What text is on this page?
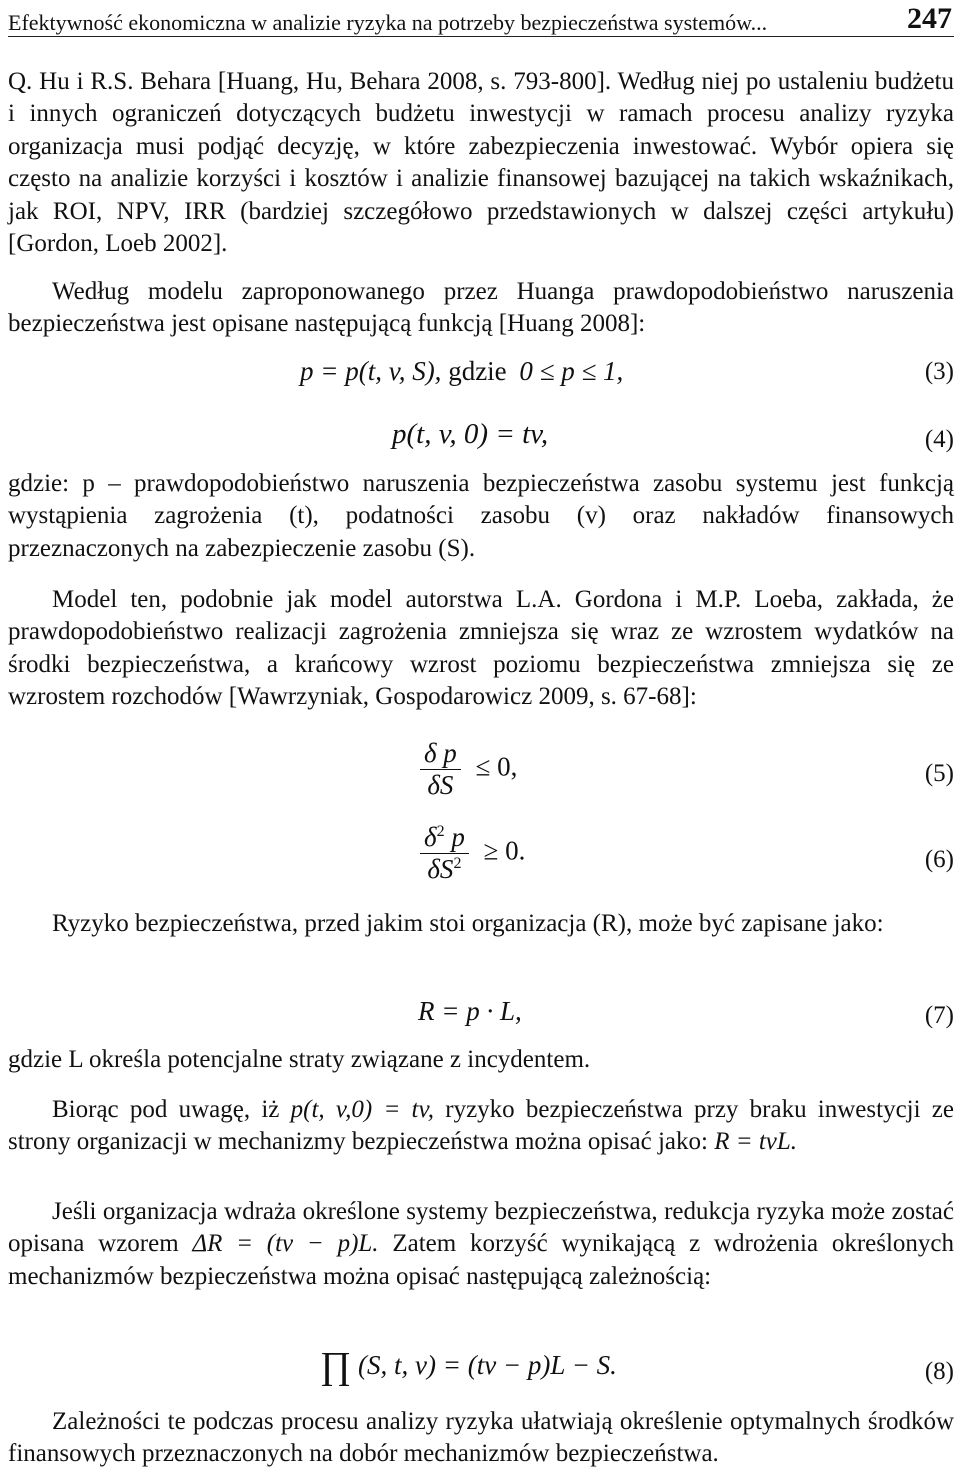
Efektywność ekonomiczna w analizie ryzyka na potrzeby bezpieczeństwa systemów...	247

Q. Hu i R.S. Behara [Huang, Hu, Behara 2008, s. 793-800]. Według niej po ustaleniu budżetu i innych ograniczeń dotyczących budżetu inwestycji w ramach procesu analizy ryzyka organizacja musi podjąć decyzję, w które zabezpieczenia inwestować. Wybór opiera się często na analizie korzyści i kosztów i analizie finansowej bazującej na takich wskaźnikach, jak ROI, NPV, IRR (bardziej szczegółowo przedstawionych w dalszej części artykułu) [Gordon, Loeb 2002].

Według modelu zaproponowanego przez Huanga prawdopodobieństwo naruszenia bezpieczeństwa jest opisane następującą funkcją [Huang 2008]:

p = p(t, v, S), gdzie 0 ≤ p ≤ 1,	(3)
p(t, v, 0) = tv,	(4)

gdzie: p – prawdopodobieństwo naruszenia bezpieczeństwa zasobu systemu jest funkcją wystąpienia zagrożenia (t), podatności zasobu (v) oraz nakładów finansowych przeznaczonych na zabezpieczenie zasobu (S).

Model ten, podobnie jak model autorstwa L.A. Gordona i M.P. Loeba, zakłada, że prawdopodobieństwo realizacji zagrożenia zmniejsza się wraz ze wzrostem wydatków na środki bezpieczeństwa, a krańcowy wzrost poziomu bezpieczeństwa zmniejsza się ze wzrostem rozchodów [Wawrzyniak, Gospodarowicz 2009, s. 67-68]:

$\frac{\text{δ p}}{\delta S} \le 0$,	(5)
$\frac{\delta^2 p}{\delta S^2} \ge 0$.	(6)

Ryzyko bezpieczeństwa, przed jakim stoi organizacja (R), może być zapisane jako:

R = p · L,	(7)

gdzie L określa potencjalne straty związane z incydentem.

Biorąc pod uwagę, iż p(t, v,0) = tv, ryzyko bezpieczeństwa przy braku inwestycji ze strony organizacji w mechanizmy bezpieczeństwa można opisać jako: R = tvL.

Jeśli organizacja wdraża określone systemy bezpieczeństwa, redukcja ryzyka może zostać opisana wzorem ΔR = (tv − p)L. Zatem korzyść wynikającą z wdrożenia określonych mechanizmów bezpieczeństwa można opisać następującą zależnością:

∏ (S, t, v) = (tv − p)L − S.	(8)

Zależności te podczas procesu analizy ryzyka ułatwiają określenie optymalnych środków finansowych przeznaczonych na dobór mechanizmów bezpieczeństwa.
